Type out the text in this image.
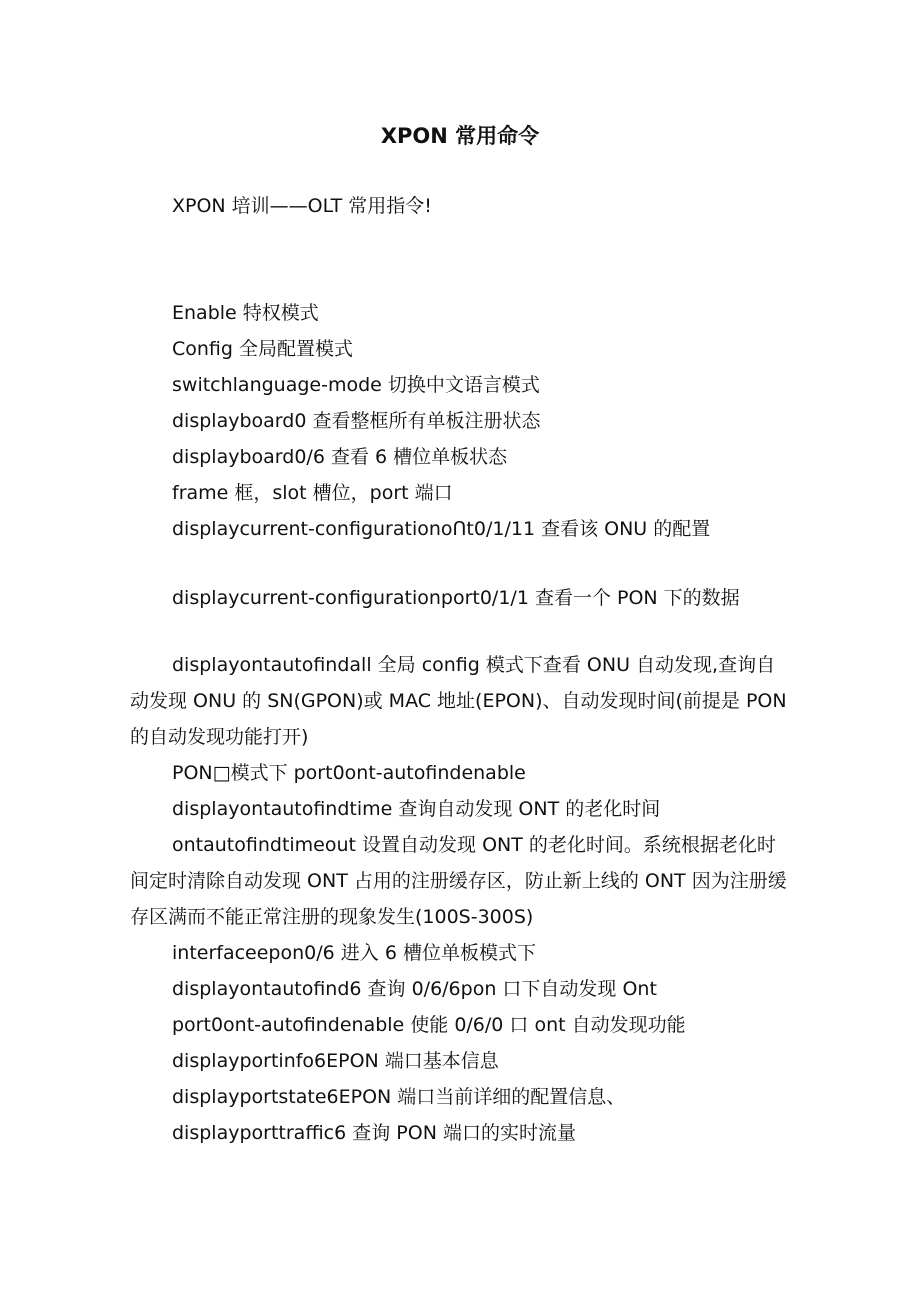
XPON 常用命令

XPON 培训——OLT 常用指令!

Enable 特权模式

Config 全局配置模式

switchlanguage-mode 切换中文语言模式

displayboard0 查看整框所有单板注册状态

displayboard0/6 查看 6 槽位单板状态

frame 框，slot 槽位，port 端口

displaycurrent-configurationoᑎt0/1/11 查看该 ONU 的配置

displaycurrent-configurationport0/1/1 查看一个 PON 下的数据

displayontautofindall 全局 config 模式下查看 ONU 自动发现,查询自动发现 ONU 的 SN(GPON)或 MAC 地址(EPON)、自动发现时间(前提是 PON 的自动发现功能打开)

PON□模式下 port0ont-autofindenable

displayontautofindtime 查询自动发现 ONT 的老化时间

ontautofindtimeout 设置自动发现 ONT 的老化时间。系统根据老化时间定时清除自动发现 ONT 占用的注册缓存区，防止新上线的 ONT 因为注册缓存区满而不能正常注册的现象发生(100S-300S)

interfaceepon0/6 进入 6 槽位单板模式下

displayontautofind6 查询 0/6/6pon 口下自动发现 Ont

port0ont-autofindenable 使能 0/6/0 口 ont 自动发现功能

displayportinfo6EPON 端口基本信息

displayportstate6EPON 端口当前详细的配置信息、

displayporttraffic6 查询 PON 端口的实时流量
